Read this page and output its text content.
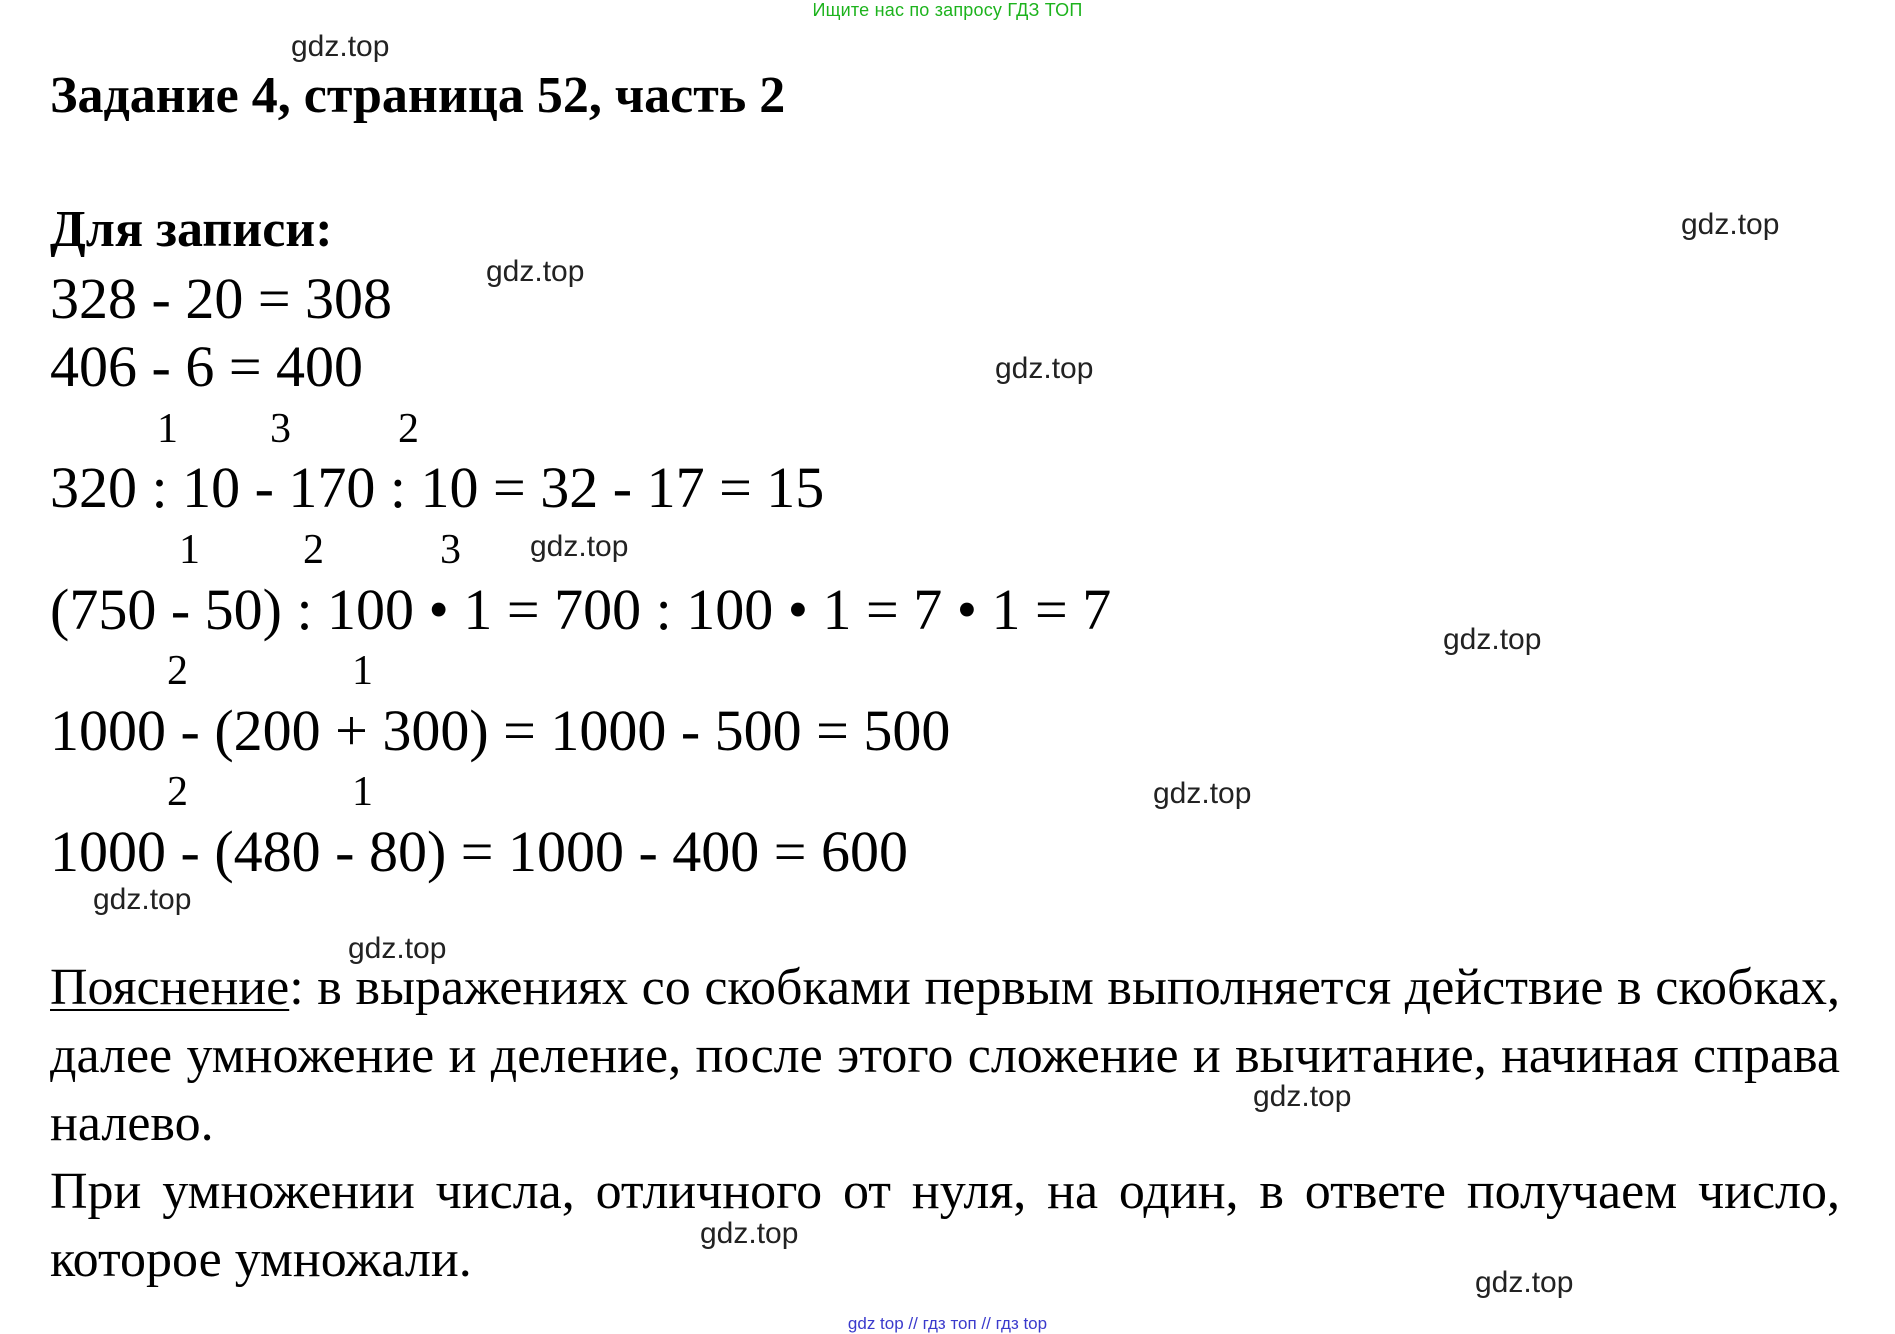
Ищите нас по запросу ГДЗ ТОП
Задание 4, страница 52, часть 2
Для записи:
328 - 20 = 308
406 - 6 = 400
1 3	2
320 : 10 - 170 : 10 = 32 - 17 = 15
1 2	3
(750 - 50) : 100 • 1 = 700 : 100 • 1 = 7 • 1 = 7
2	1
1000 - (200 + 300) = 1000 - 500 = 500
2	1
1000 - (480 - 80) = 1000 - 400 = 600
Пояснение: в выражениях со скобками первым выполняется действие в скобках, далее умножение и деление, после этого сложение и вычитание, начиная справа налево.
При умножении числа, отличного от нуля, на один, в ответе получаем число, которое умножали.
gdz.top
gdz.top
gdz.top
gdz.top
gdz.top
gdz.top
gdz.top
gdz.top
gdz.top
gdz.top
gdz.top
gdz.top
gdz top // гдз топ // гдз top
